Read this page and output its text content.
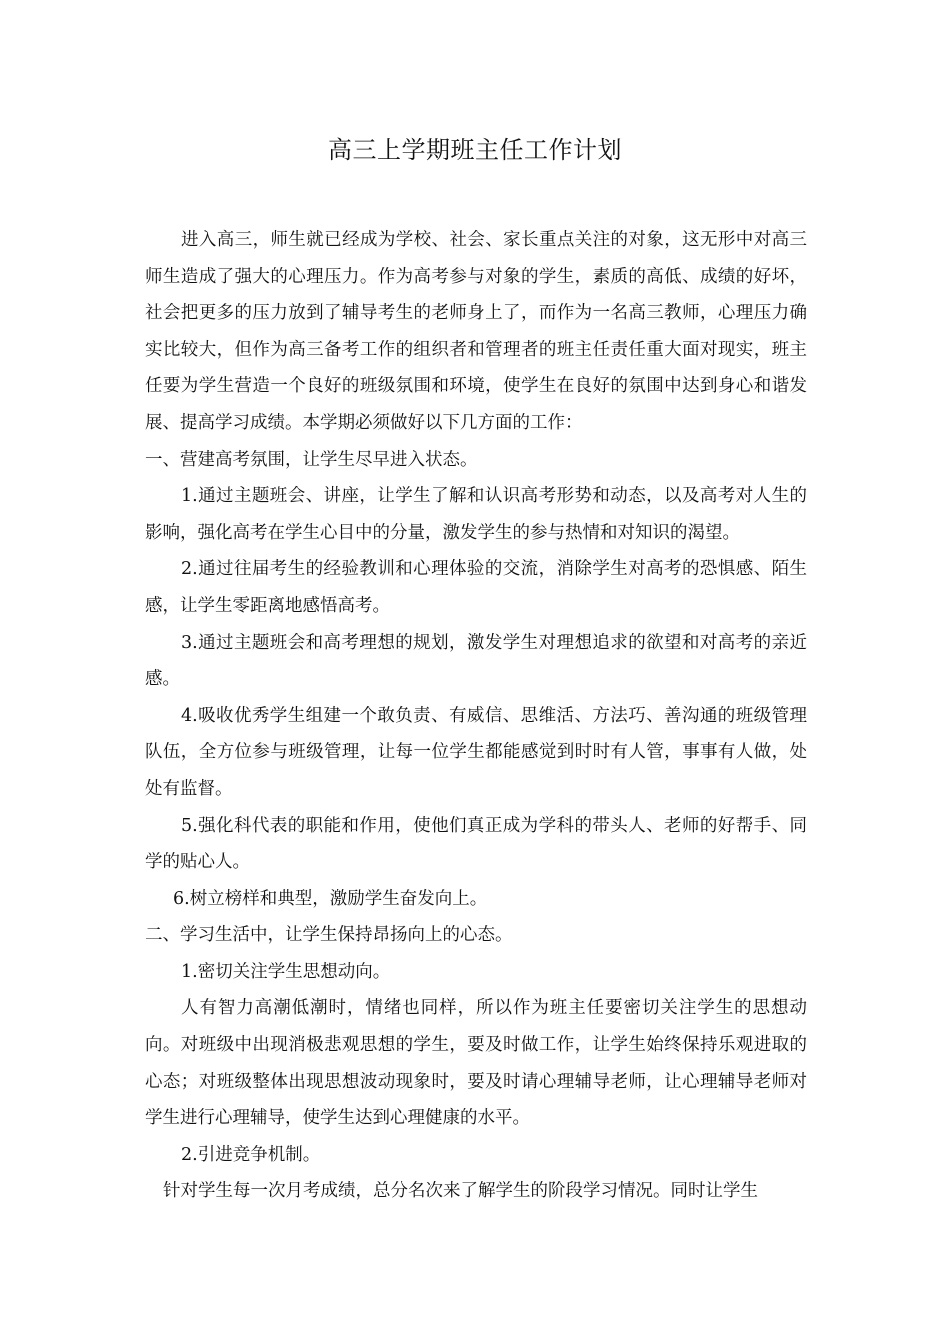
高三上学期班主任工作计划

进入高三，师生就已经成为学校、社会、家长重点关注的对象，这无形中对高三师生造成了强大的心理压力。作为高考参与对象的学生，素质的高低、成绩的好坏，社会把更多的压力放到了辅导考生的老师身上了，而作为一名高三教师，心理压力确实比较大，但作为高三备考工作的组织者和管理者的班主任责任重大面对现实，班主任要为学生营造一个良好的班级氛围和环境，使学生在良好的氛围中达到身心和谐发展、提高学习成绩。本学期必须做好以下几方面的工作：

一、营建高考氛围，让学生尽早进入状态。

1.通过主题班会、讲座，让学生了解和认识高考形势和动态，以及高考对人生的影响，强化高考在学生心目中的分量，激发学生的参与热情和对知识的渴望。

2.通过往届考生的经验教训和心理体验的交流，消除学生对高考的恐惧感、陌生感，让学生零距离地感悟高考。

3.通过主题班会和高考理想的规划，激发学生对理想追求的欲望和对高考的亲近感。

4.吸收优秀学生组建一个敢负责、有威信、思维活、方法巧、善沟通的班级管理队伍，全方位参与班级管理，让每一位学生都能感觉到时时有人管，事事有人做，处处有监督。

5.强化科代表的职能和作用，使他们真正成为学科的带头人、老师的好帮手、同学的贴心人。

6.树立榜样和典型，激励学生奋发向上。

二、学习生活中，让学生保持昂扬向上的心态。

1.密切关注学生思想动向。

人有智力高潮低潮时，情绪也同样，所以作为班主任要密切关注学生的思想动向。对班级中出现消极悲观思想的学生，要及时做工作，让学生始终保持乐观进取的心态；对班级整体出现思想波动现象时，要及时请心理辅导老师，让心理辅导老师对学生进行心理辅导，使学生达到心理健康的水平。

2.引进竞争机制。

针对学生每一次月考成绩，总分名次来了解学生的阶段学习情况。同时让学生
